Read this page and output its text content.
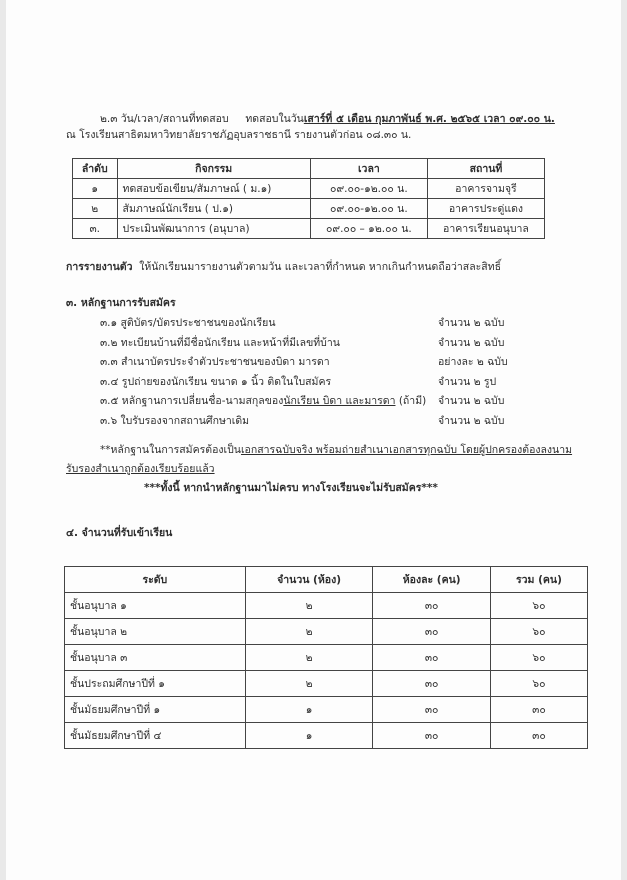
๒.๓ วัน/เวลา/สถานที่ทดสอบ ทดสอบในวันเสาร์ที่ ๕ เดือน กุมภาพันธ์ พ.ศ. ๒๕๖๕ เวลา ๐๙.๐๐ น.
ณ โรงเรียนสาธิตมหาวิทยาลัยราชภัฏอุบลราชธานี รายงานตัวก่อน ๐๘.๓๐ น.
ลำดับ	กิจกรรม	เวลา	สถานที่
๑	ทดสอบข้อเขียน/สัมภาษณ์ ( ม.๑)	๐๙.๐๐-๑๒.๐๐ น.	อาคารจามจุรี
๒	สัมภาษณ์นักเรียน ( ป.๑)	๐๙.๐๐-๑๒.๐๐ น.	อาคารประดู่แดง
๓.	ประเมินพัฒนาการ (อนุบาล)	๐๙.๐๐ – ๑๒.๐๐ น.	อาคารเรียนอนุบาล
การรายงานตัว ให้นักเรียนมารายงานตัวตามวัน และเวลาที่กำหนด หากเกินกำหนดถือว่าสละสิทธิ์
๓. หลักฐานการรับสมัคร
๓.๑ สูติบัตร/บัตรประชาชนของนักเรียน	จำนวน ๒ ฉบับ
๓.๒ ทะเบียนบ้านที่มีชื่อนักเรียน และหน้าที่มีเลขที่บ้าน	จำนวน ๒ ฉบับ
๓.๓ สำเนาบัตรประจำตัวประชาชนของบิดา มารดา	อย่างละ ๒ ฉบับ
๓.๔ รูปถ่ายของนักเรียน ขนาด ๑ นิ้ว ติดในใบสมัคร	จำนวน ๒ รูป
๓.๕ หลักฐานการเปลี่ยนชื่อ-นามสกุลของนักเรียน บิดา และมารดา (ถ้ามี) จำนวน ๒ ฉบับ
๓.๖ ใบรับรองจากสถานศึกษาเดิม	จำนวน ๒ ฉบับ
**หลักฐานในการสมัครต้องเป็นเอกสารฉบับจริง พร้อมถ่ายสำเนาเอกสารทุกฉบับ โดยผู้ปกครองต้องลงนาม
รับรองสำเนาถูกต้องเรียบร้อยแล้ว
***ทั้งนี้ หากนำหลักฐานมาไม่ครบ ทางโรงเรียนจะไม่รับสมัคร***
๔. จำนวนที่รับเข้าเรียน
ระดับ	จำนวน (ห้อง)	ห้องละ (คน)	รวม (คน)
ชั้นอนุบาล ๑	๒	๓๐	๖๐
ชั้นอนุบาล ๒	๒	๓๐	๖๐
ชั้นอนุบาล ๓	๒	๓๐	๖๐
ชั้นประถมศึกษาปีที่ ๑	๒	๓๐	๖๐
ชั้นมัธยมศึกษาปีที่ ๑	๑	๓๐	๓๐
ชั้นมัธยมศึกษาปีที่ ๔	๑	๓๐	๓๐
